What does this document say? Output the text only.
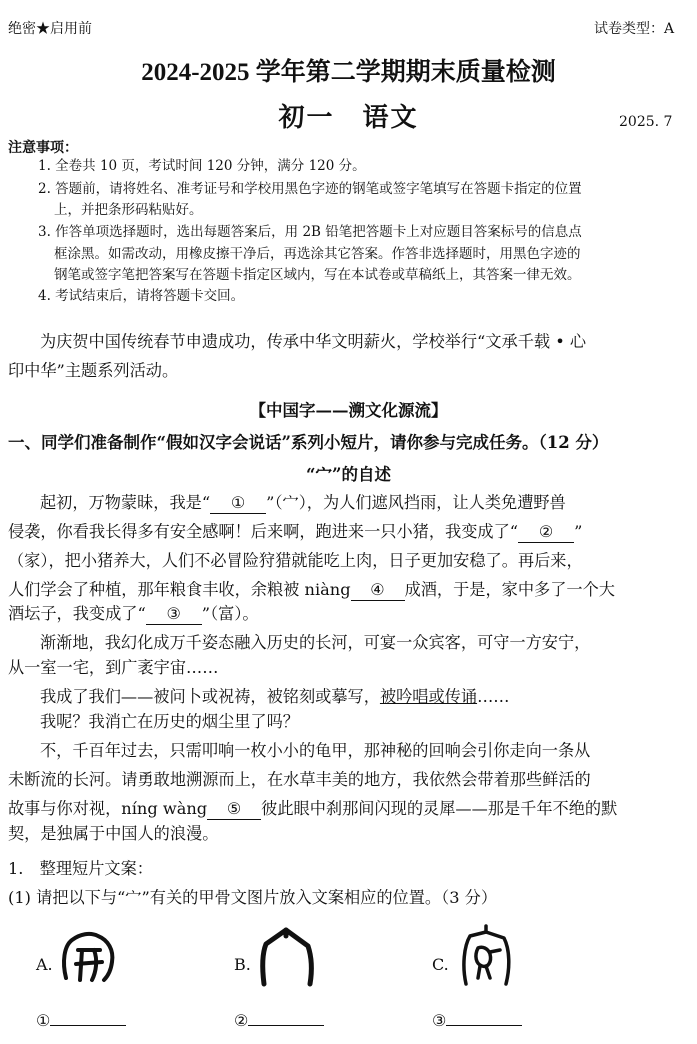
绝密★启用前	试卷类型：A
2024-2025 学年第二学期期末质量检测
初一　语文	2025. 7
注意事项：
1. 全卷共 10 页，考试时间 120 分钟，满分 120 分。
2. 答题前，请将姓名、准考证号和学校用黑色字迹的钢笔或签字笔填写在答题卡指定的位置
上，并把条形码粘贴好。
3. 作答单项选择题时，选出每题答案后，用 2B 铅笔把答题卡上对应题目答案标号的信息点
框涂黑。如需改动，用橡皮擦干净后，再选涂其它答案。作答非选择题时，用黑色字迹的
钢笔或签字笔把答案写在答题卡指定区域内，写在本试卷或草稿纸上，其答案一律无效。
4. 考试结束后，请将答题卡交回。
为庆贺中国传统春节申遗成功，传承中华文明薪火，学校举行“文承千载 • 心
印中华”主题系列活动。
【中国字——溯文化源流】
一、同学们准备制作“假如汉字会说话”系列小短片，请你参与完成任务。（12 分）
“宀”的自述
起初，万物蒙昧，我是“ ① ”（宀），为人们遮风挡雨，让人类免遭野兽
侵袭，你看我长得多有安全感啊！后来啊，跑进来一只小猪，我变成了“ ② ”
（家），把小猪养大，人们不必冒险狩猎就能吃上肉，日子更加安稳了。再后来，
人们学会了种植，那年粮食丰收，余粮被 niàng ④ 成酒，于是，家中多了一个大
酒坛子，我变成了“ ③ ”（富）。
渐渐地，我幻化成万千姿态融入历史的长河，可宴一众宾客，可守一方安宁，
从一室一宅，到广袤宇宙……
我成了我们——被问卜或祝祷，被铭刻或摹写，被吟唱或传诵……
我呢？我消亡在历史的烟尘里了吗？
不，千百年过去，只需叩响一枚小小的龟甲，那神秘的回响会引你走向一条从
未断流的长河。请勇敢地溯源而上，在水草丰美的地方，我依然会带着那些鲜活的
故事与你对视，níng wàng ⑤ 彼此眼中刹那间闪现的灵犀——那是千年不绝的默
契，是独属于中国人的浪漫。
1.　整理短片文案：
(1) 请把以下与“宀”有关的甲骨文图片放入文案相应的位置。（3 分）
A.	B.	C.
①	②	③
